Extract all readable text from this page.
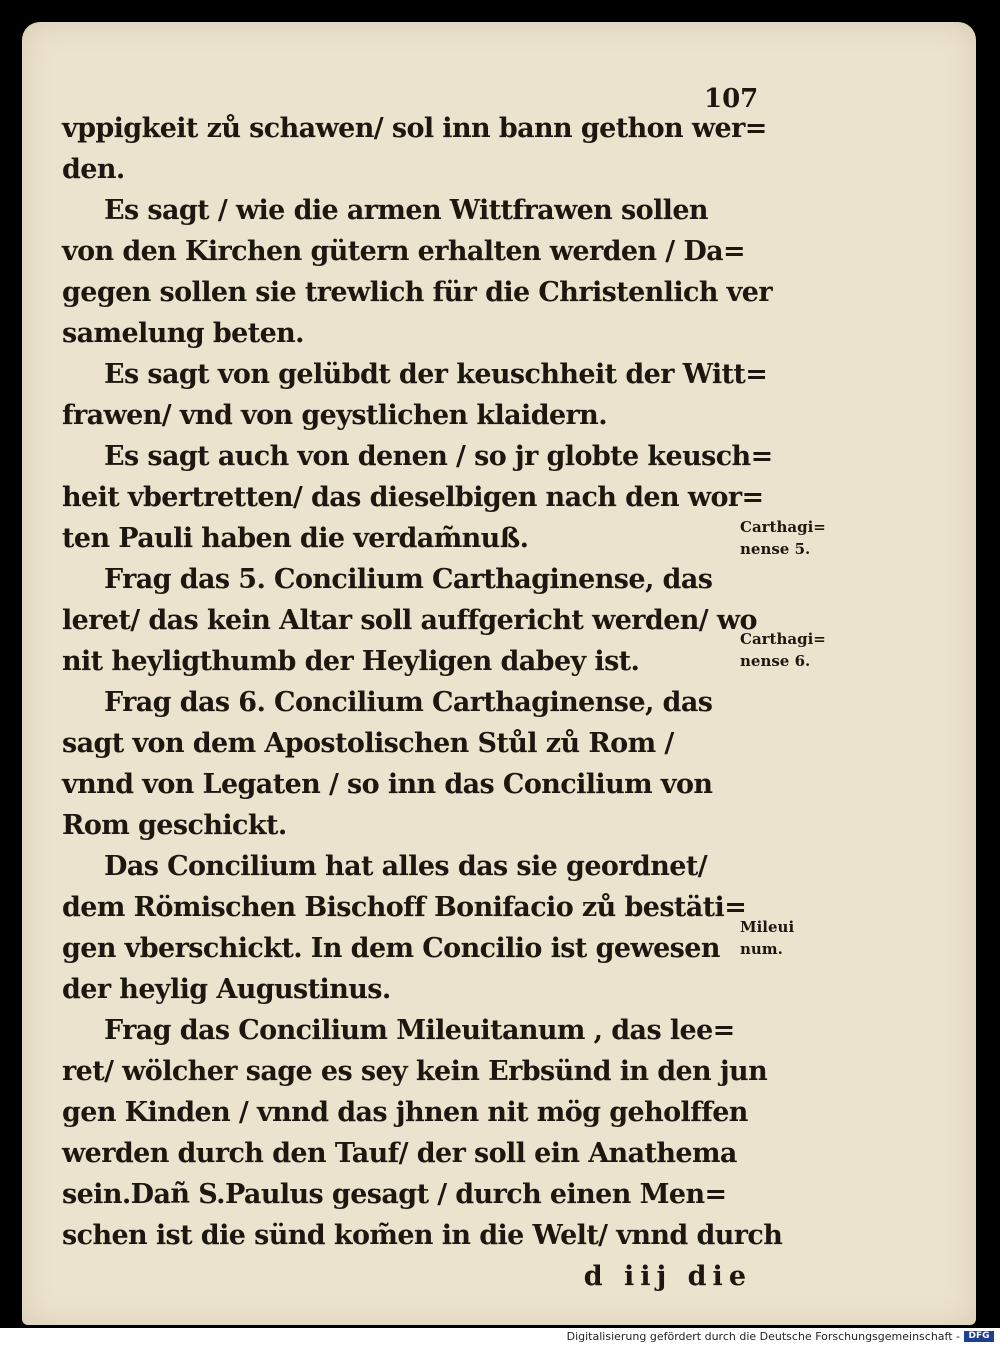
107

vppigkeit zů schawen/ sol inn bann gethon wer=

den.

Es sagt / wie die armen Wittfrawen sollen

von den Kirchen gütern erhalten werden / Da=

gegen sollen sie trewlich für die Christenlich ver

samelung beten.

Es sagt von gelübdt der keuschheit der Witt=

frawen/ vnd von geystlichen klaidern.

Es sagt auch von denen / so jr globte keusch=

heit vbertretten/ das dieselbigen nach den wor=

ten Pauli haben die verdam̃nuß.

Frag das 5. Concilium Carthaginense, das

leret/ das kein Altar soll auffgericht werden/ wo

nit heyligthumb der Heyligen dabey ist.

Frag das 6. Concilium Carthaginense, das

sagt von dem Apostolischen Stůl zů Rom /

vnnd von Legaten / so inn das Concilium von

Rom geschickt.

Das Concilium hat alles das sie geordnet/

dem Römischen Bischoff Bonifacio zů bestäti=

gen vberschickt. In dem Concilio ist gewesen

der heylig Augustinus.

Frag das Concilium Mileuitanum , das lee=

ret/ wölcher sage es sey kein Erbsünd in den jun

gen Kinden / vnnd das jhnen nit mög geholffen

werden durch den Tauf/ der soll ein Anathema

sein.Dañ S.Paulus gesagt / durch einen Men=

schen ist die sünd kom̃en in die Welt/ vnnd durch

d iij die

Carthagi=
nense 5.
Carthagi=
nense 6.
Mileui
num.
Digitalisierung gefördert durch die Deutsche Forschungsgemeinschaft - DFG
